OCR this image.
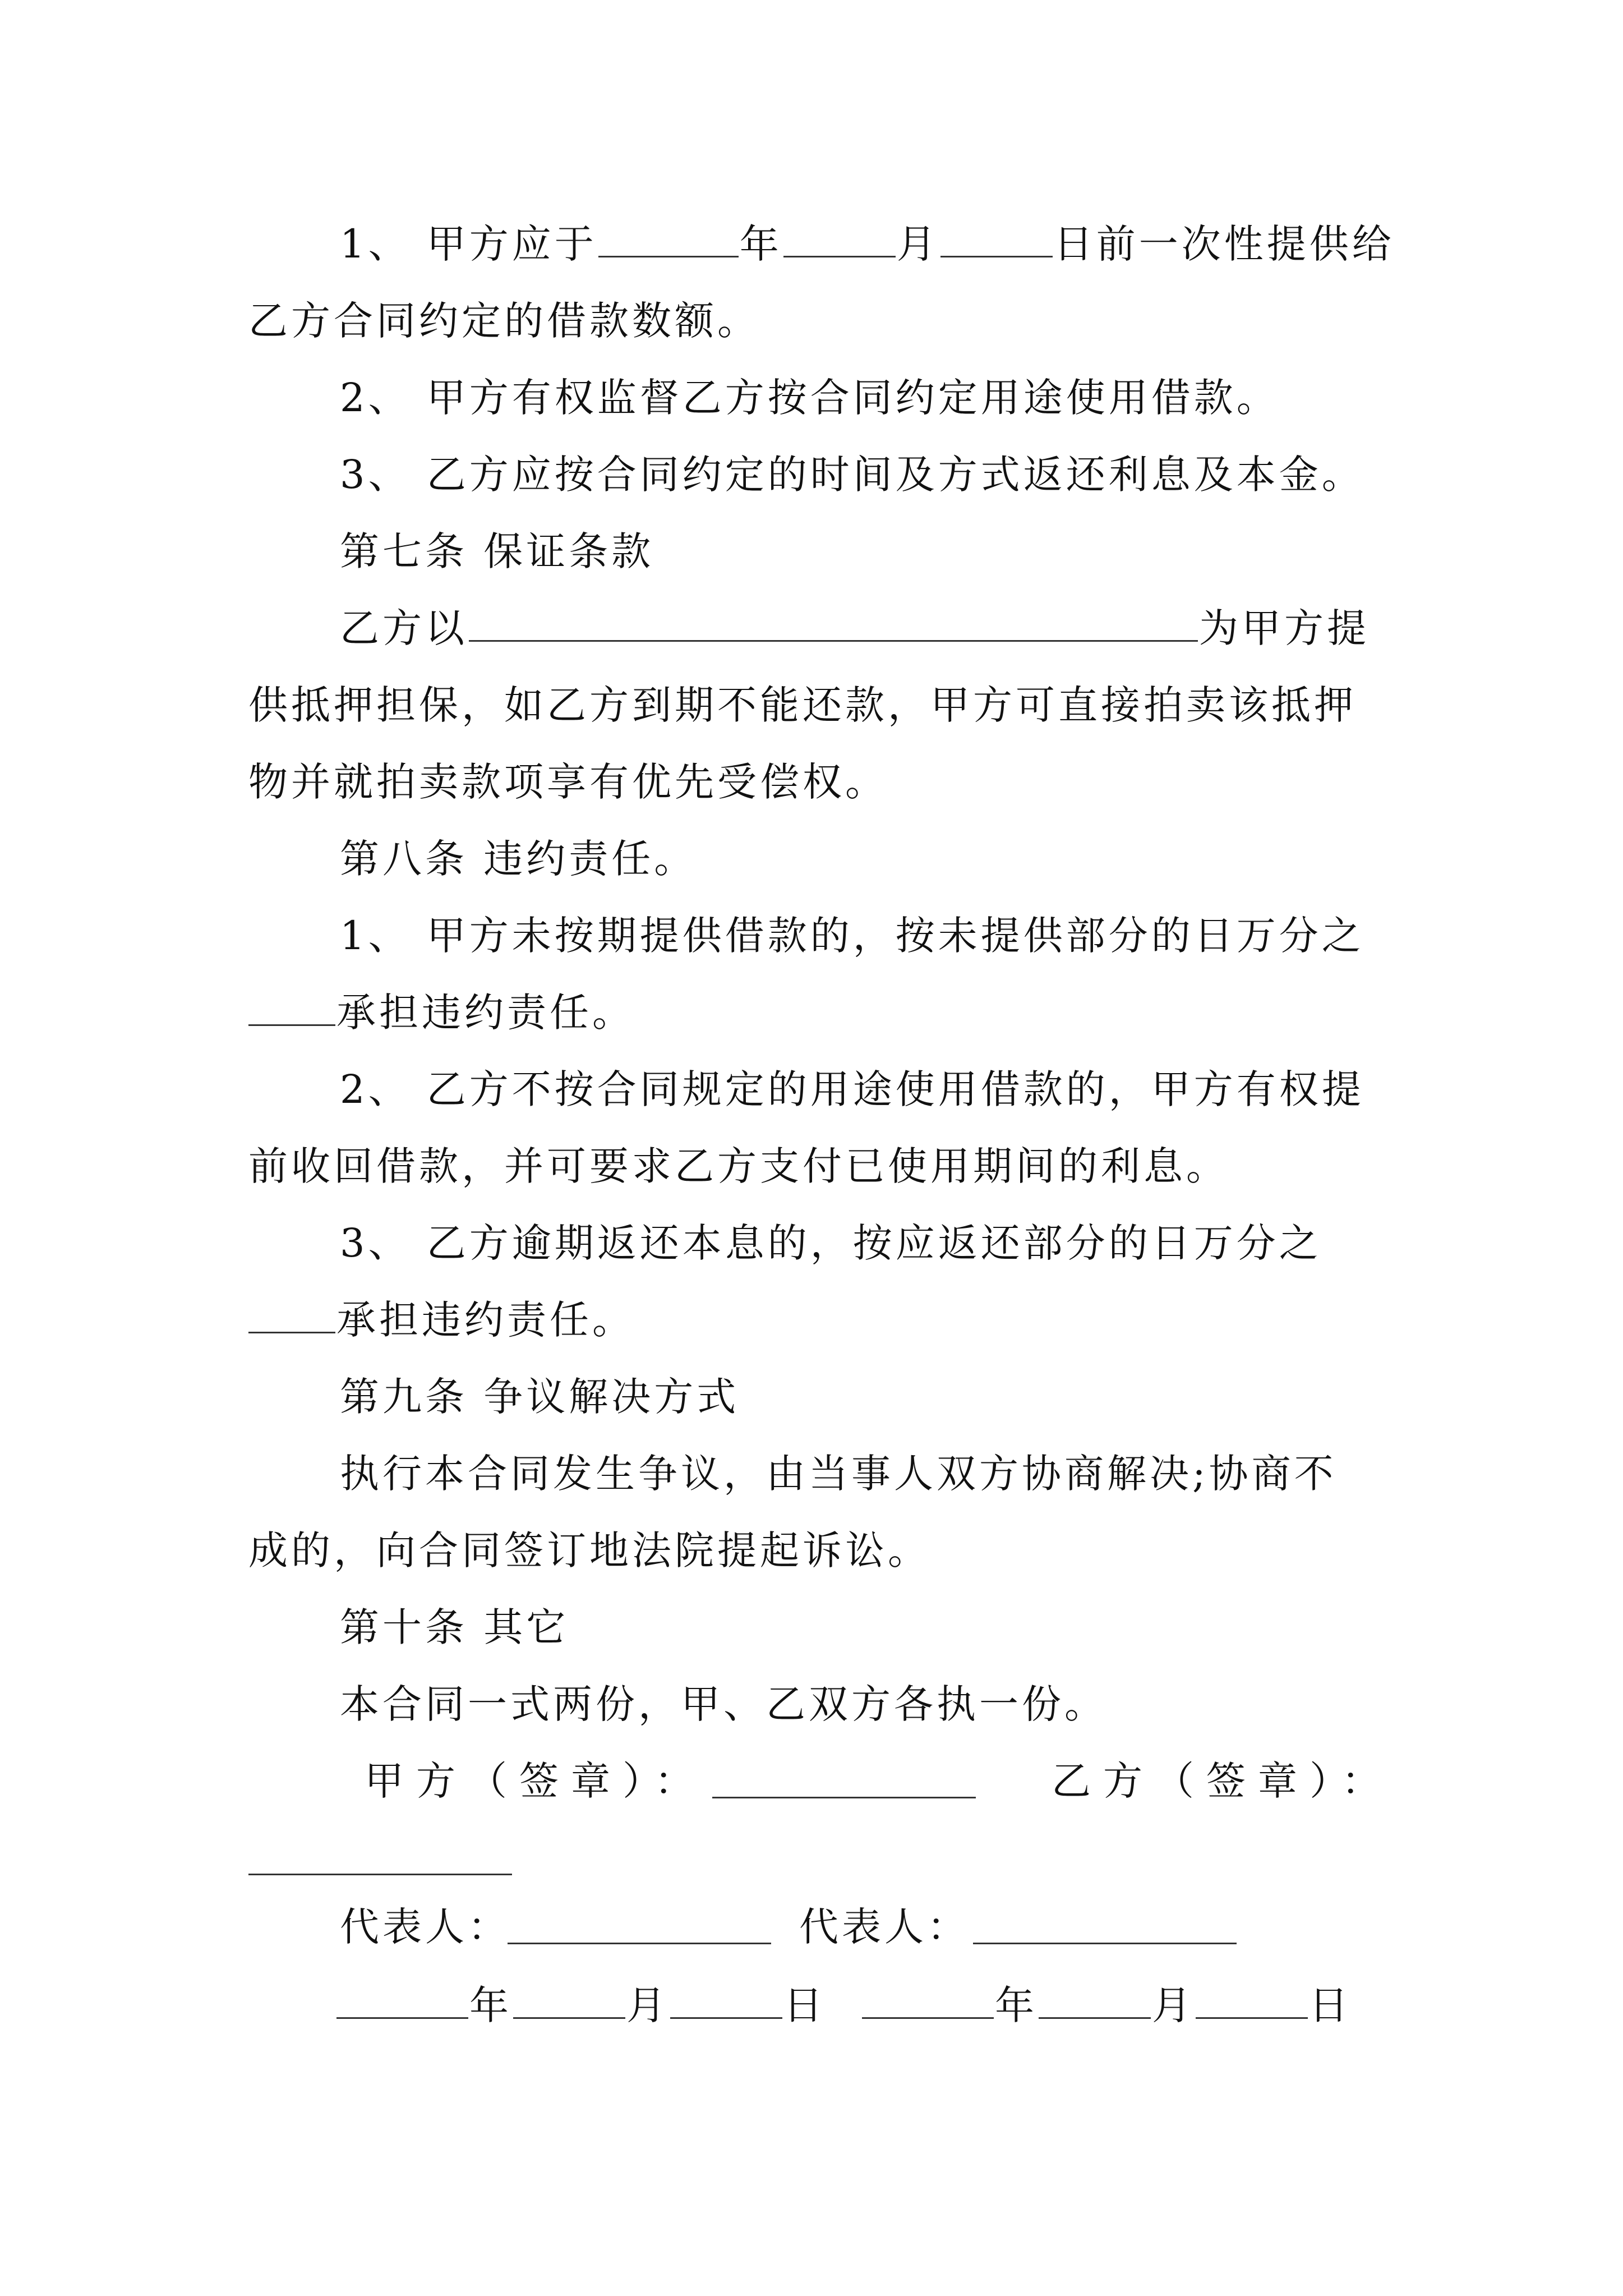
1、 甲方应于	年	月	日前一次性提供给
乙方合同约定的借款数额。
2、 甲方有权监督乙方按合同约定用途使用借款。
3、 乙方应按合同约定的时间及方式返还利息及本金。
第七条 保证条款
乙方以	为甲方提
供抵押担保，如乙方到期不能还款，甲方可直接拍卖该抵押
物并就拍卖款项享有优先受偿权。
第八条 违约责任。
1、 甲方未按期提供借款的，按未提供部分的日万分之
承担违约责任。
2、 乙方不按合同规定的用途使用借款的，甲方有权提
前收回借款，并可要求乙方支付已使用期间的利息。
3、 乙方逾期返还本息的，按应返还部分的日万分之
承担违约责任。
第九条 争议解决方式
执行本合同发生争议，由当事人双方协商解决;协商不
成的，向合同签订地法院提起诉讼。
第十条 其它
本合同一式两份，甲、乙双方各执一份。
甲方（签章）：	乙方（签章）：
代表人：	代表人：
年	月	日	年	月	日
